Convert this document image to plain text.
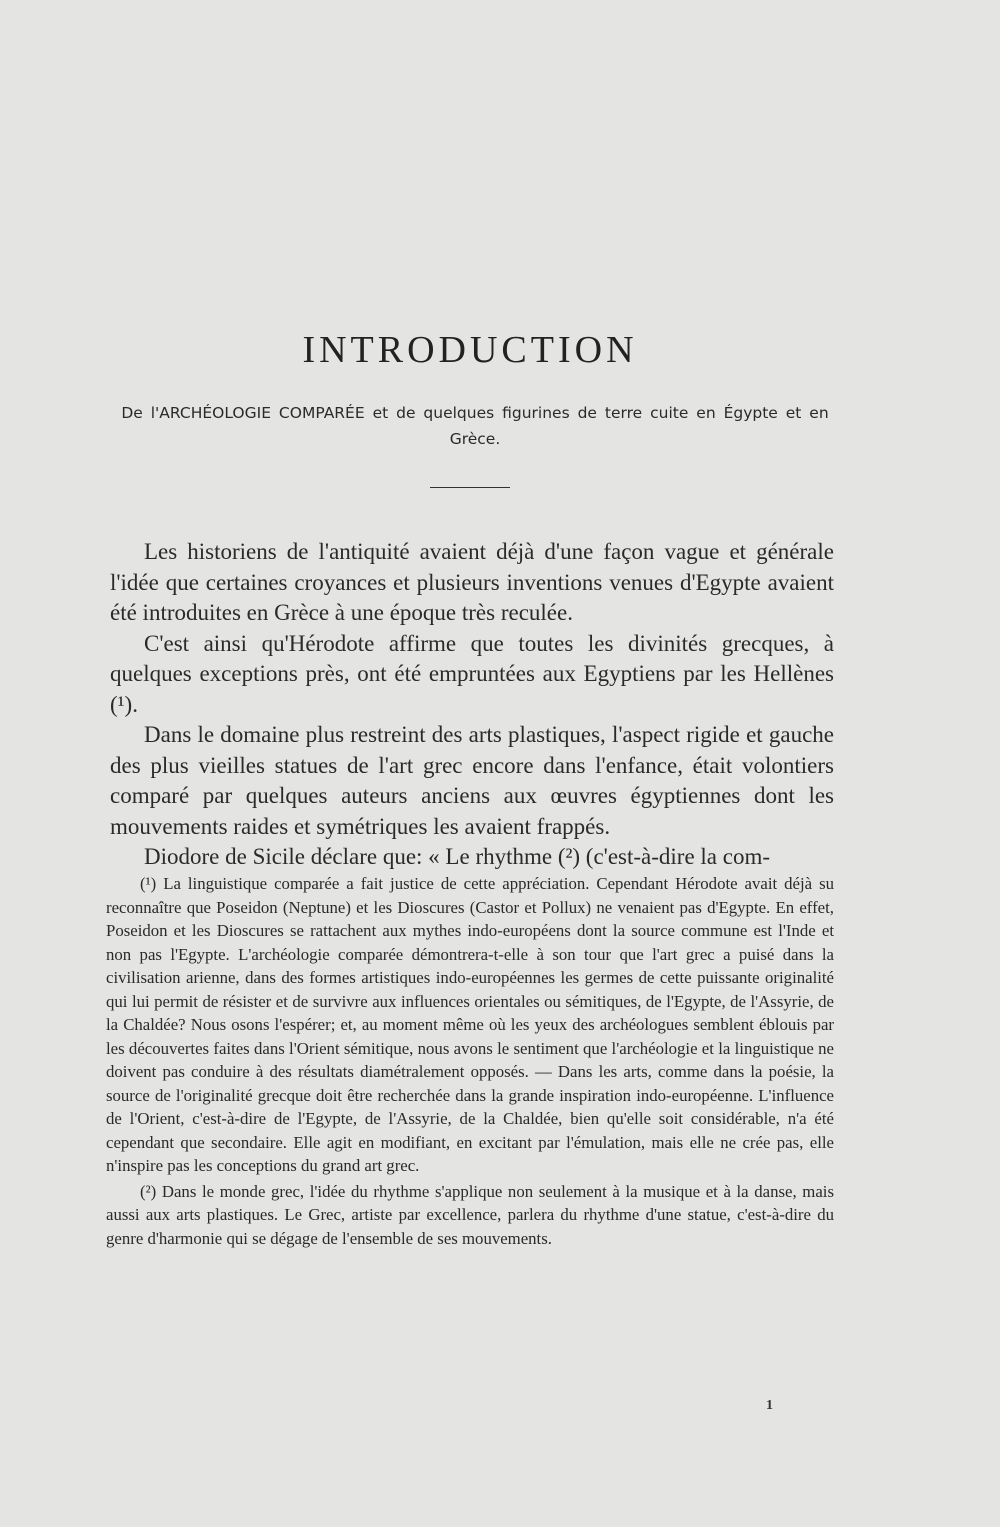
INTRODUCTION

De l'ARCHÉOLOGIE COMPARÉE et de quelques figurines de terre cuite en Égypte et en Grèce.

Les historiens de l'antiquité avaient déjà d'une façon vague et générale l'idée que certaines croyances et plusieurs inventions venues d'Egypte avaient été introduites en Grèce à une époque très reculée.

C'est ainsi qu'Hérodote affirme que toutes les divinités grecques, à quelques exceptions près, ont été empruntées aux Egyptiens par les Hellènes (¹).

Dans le domaine plus restreint des arts plastiques, l'aspect rigide et gauche des plus vieilles statues de l'art grec encore dans l'enfance, était volontiers comparé par quelques auteurs anciens aux œuvres égyptiennes dont les mouvements raides et symétriques les avaient frappés.

Diodore de Sicile déclare que: « Le rhythme (²) (c'est-à-dire la com-

(¹) La linguistique comparée a fait justice de cette appréciation. Cependant Hérodote avait déjà su reconnaître que Poseidon (Neptune) et les Dioscures (Castor et Pollux) ne venaient pas d'Egypte. En effet, Poseidon et les Dioscures se rattachent aux mythes indo-européens dont la source commune est l'Inde et non pas l'Egypte. L'archéologie comparée démontrera-t-elle à son tour que l'art grec a puisé dans la civilisation arienne, dans des formes artistiques indo-européennes les germes de cette puissante originalité qui lui permit de résister et de survivre aux influences orientales ou sémitiques, de l'Egypte, de l'Assyrie, de la Chaldée? Nous osons l'espérer; et, au moment même où les yeux des archéologues semblent éblouis par les découvertes faites dans l'Orient sémitique, nous avons le sentiment que l'archéologie et la linguistique ne doivent pas conduire à des résultats diamétralement opposés. — Dans les arts, comme dans la poésie, la source de l'originalité grecque doit être recherchée dans la grande inspiration indo-européenne. L'influence de l'Orient, c'est-à-dire de l'Egypte, de l'Assyrie, de la Chaldée, bien qu'elle soit considérable, n'a été cependant que secondaire. Elle agit en modifiant, en excitant par l'émulation, mais elle ne crée pas, elle n'inspire pas les conceptions du grand art grec.

(²) Dans le monde grec, l'idée du rhythme s'applique non seulement à la musique et à la danse, mais aussi aux arts plastiques. Le Grec, artiste par excellence, parlera du rhythme d'une statue, c'est-à-dire du genre d'harmonie qui se dégage de l'ensemble de ses mouvements.

1
